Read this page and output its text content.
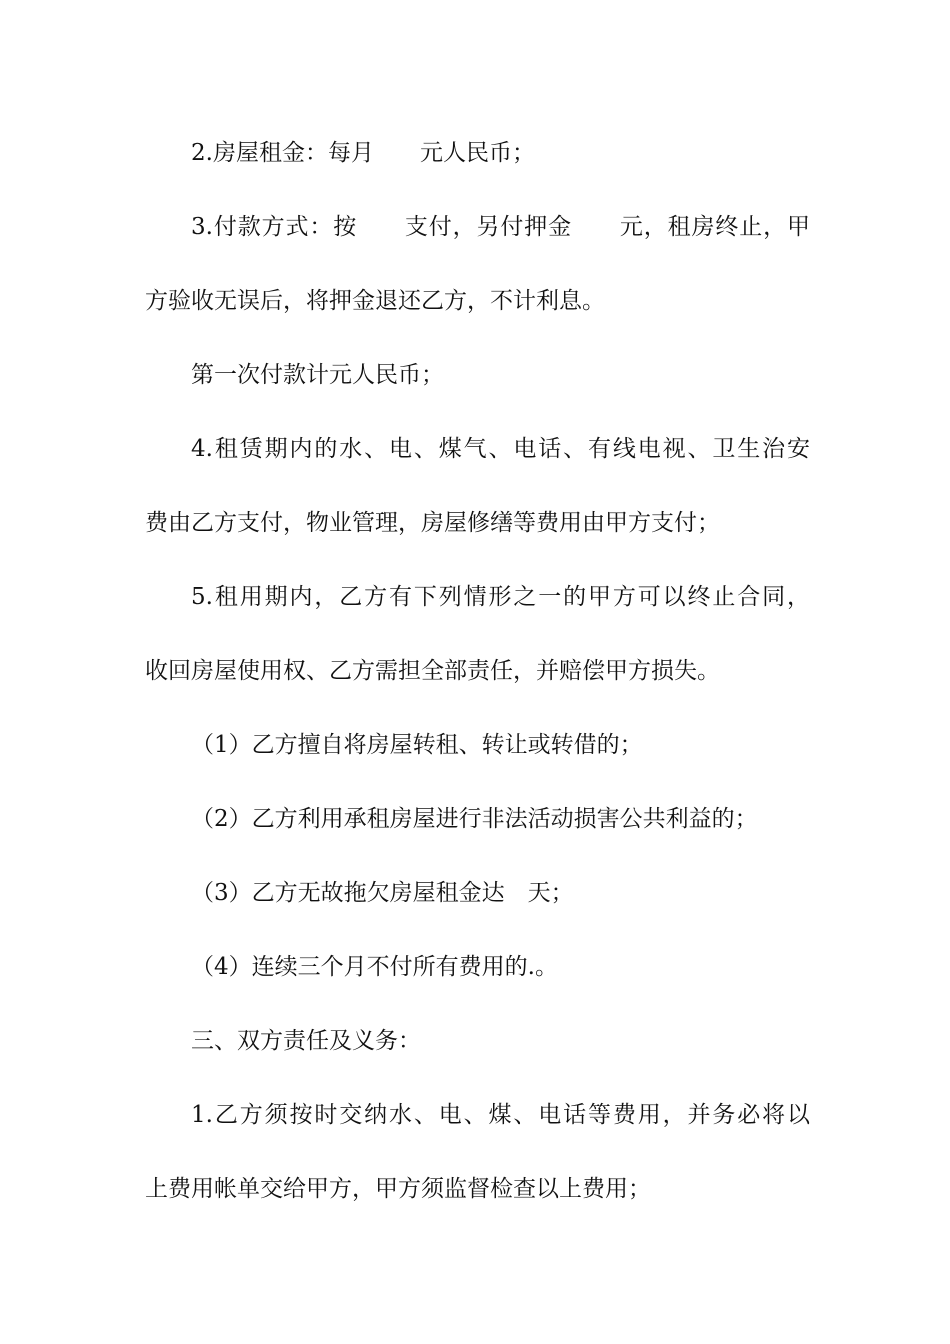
2.房屋租金：每月　　元人民币；
3.付款方式：按　　支付，另付押金　　元，租房终止，甲
方验收无误后，将押金退还乙方，不计利息。
第一次付款计元人民币；
4.租赁期内的水、电、煤气、电话、有线电视、卫生治安
费由乙方支付，物业管理，房屋修缮等费用由甲方支付；
5.租用期内，乙方有下列情形之一的甲方可以终止合同，
收回房屋使用权、乙方需担全部责任，并赔偿甲方损失。
（1）乙方擅自将房屋转租、转让或转借的；
（2）乙方利用承租房屋进行非法活动损害公共利益的；
（3）乙方无故拖欠房屋租金达　天；
（4）连续三个月不付所有费用的.。
三、双方责任及义务：
1.乙方须按时交纳水、电、煤、电话等费用，并务必将以
上费用帐单交给甲方，甲方须监督检查以上费用；
